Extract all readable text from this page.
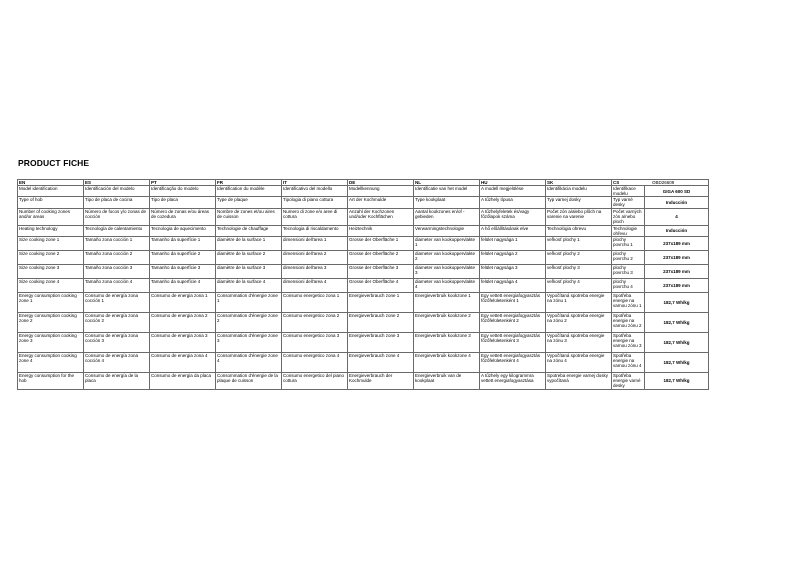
PRODUCT FICHE
EN	ES	PT	FR	IT	DE	NL	HU	SK	CS OBD26609	
Model identification	Identificación del modelo	Identificação do modelo	Identification du modèle	Identificativo del modello	Modellkennung	Identificatie van het model	A modell megjelölése	Identifikácia modelu	Identifikace modelu	GIGA 600 SD
Type of hob	Tipo de placa de cocina	Tipo de placa	Type de plaque	Tipologia di piano cottura	Art der Kochmulde	Type kookplaat	A tűzhely típusa	Typ varnej dosky	Typ varné desky	Inducción
Number of cooking zones and/or areas	Número de focos y/o zonas de cocción	Número de zonas e/ou áreas de cozedura	Nombre de zones et/ou aires de cuisson	Numero di zone e/o aree di cottura	Anzahl der Kochzonen und/oder Kochflächen	Aantal kookzones en/of -gebieden	A tűzhelyfeletek és/vagy főzőlapok száma	Počet zón a/alebo plôch na varenie na varenie	Počet varných zón a/nebo ploch	4
Heating technology	Tecnología de calentamiento	Tecnologia de aquecimento	Technologie de chauffage	Tecnologia di riscaldamento	Heiztechnik	Verwarmingstechnologie	A hő előállításának elve	Technológia ohrevu	Technologie ohřevu	Inducción
Size cooking zone 1	Tamaño zona cocción 1	Tamanho da superfície 1	diamètre de la surface 1	dimensioni dell'area 1	Grosse der Oberfläche 1	diameter van kookoppervlakte 1	felület nagysága 1	veľkosť plochy 1	plochy povrchu 1	237x189 mm
Size cooking zone 2	Tamaño zona cocción 2	Tamanho da superfície 2	diamètre de la surface 2	dimensioni dell'area 2	Grosse der Oberfläche 2	diameter van kookoppervlakte 2	felület nagysága 2	veľkosť plochy 2	plochy povrchu 2	237x189 mm
Size cooking zone 3	Tamaño zona cocción 3	Tamanho da superfície 3	diamètre de la surface 3	dimensioni dell'area 3	Grosse der Oberfläche 3	diameter van kookoppervlakte 3	felület nagysága 3	veľkosť plochy 3	plochy povrchu 3	237x189 mm
Size cooking zone 4	Tamaño zona cocción 4	Tamanho da superfície 4	diamètre de la surface 4	dimensioni dell'area 4	Grosse der Oberfläche 4	diameter van kookoppervlakte 4	felület nagysága 4	veľkosť plochy 4	plochy povrchu 4	237x189 mm
Energy consumption cooking zone 1	Consumo de energía zona cocción 1	Consumo de energia zona 1	Consommation d'énergie zone 1	Consumo energetico zona 1	Energieverbrauch zone 1	Energieverbruik kookzone 1	Egy vettett energiafogyasztás főzőfelületenként 1	Vypočítaná spotreba energie na zónu 1	Spotřeba energie na varnou zónu 1	182,7 Wh/kg
Energy consumption cooking zone 2	Consumo de energía zona cocción 2	Consumo de energia zona 2	Consommation d'énergie zone 2	Consumo energetico zona 2	Energieverbrauch zone 2	Energieverbruik kookzone 2	Egy vettett energiafogyasztás főzőfelületenként 2	Vypočítaná spotreba energie na zónu 2	Spotřeba energie na varnou zónu 2	182,7 Wh/kg
Energy consumption cooking zone 3	Consumo de energía zona cocción 3	Consumo de energia zona 3	Consommation d'énergie zone 3	Consumo energetico zona 3	Energieverbrauch zone 3	Energieverbruik kookzone 3	Egy vettett energiafogyasztás főzőfelületenként 3	Vypočítaná spotreba energie na zónu 3	Spotřeba energie na varnou zónu 3	182,7 Wh/kg
Energy consumption cooking zone 4	Consumo de energía zona cocción 4	Consumo de energia zona 4	Consommation d'énergie zone 4	Consumo energetico zona 4	Energieverbrauch zone 4	Energieverbruik kookzone 4	Egy vettett energiafogyasztás főzőfelületenként 4	Vypočítaná spotreba energie na zónu 4	Spotřeba energie na varnou zónu 4	182,7 Wh/kg
Energy consumption for the hob	Consumo de energía de la placa	Consumo de energia da placa	Consommation d'énergie de la plaque de cuisson	Consumo energetico del piano cottura	Energieverbrauch der Kochmulde	Energieverbruik van de kookplaat	A tűzhely egy kilogrammra vettett energiafogyasztása	Spotreba energie varnej dosky vypočítaná	Spotřeba energie varné desky	182,7 Wh/kg
